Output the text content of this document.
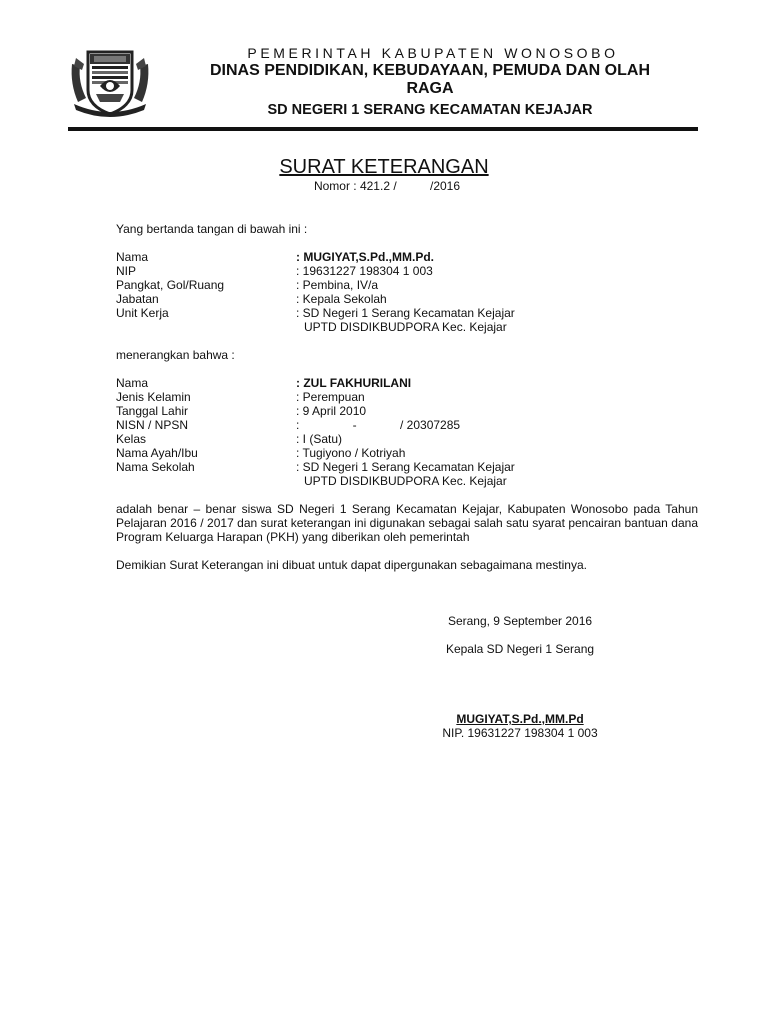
PEMERINTAH KABUPATEN WONOSOBO
DINAS PENDIDIKAN, KEBUDAYAAN, PEMUDA DAN OLAH
RAGA
SD NEGERI 1 SERANG KECAMATAN KEJAJAR
SURAT KETERANGAN
Nomor : 421.2 /          /2016
Yang bertanda tangan di bawah ini :
Nama	: MUGIYAT,S.Pd.,MM.Pd.
NIP	: 19631227 198304 1 003
Pangkat, Gol/Ruang	: Pembina, IV/a
Jabatan	: Kepala Sekolah
Unit Kerja	: SD Negeri 1 Serang Kecamatan Kejajar
UPTD DISDIKBUDPORA Kec. Kejajar
menerangkan bahwa :
Nama	: ZUL FAKHURILANI
Jenis Kelamin	: Perempuan
Tanggal Lahir	: 9 April 2010
NISN / NPSN	:                -             / 20307285
Kelas	: I (Satu)
Nama Ayah/Ibu	: Tugiyono / Kotriyah
Nama Sekolah	: SD Negeri 1 Serang Kecamatan Kejajar
UPTD DISDIKBUDPORA Kec. Kejajar
adalah benar – benar siswa SD Negeri 1 Serang Kecamatan Kejajar, Kabupaten Wonosobo pada Tahun Pelajaran 2016 / 2017 dan surat keterangan ini digunakan sebagai salah satu syarat pencairan bantuan dana Program Keluarga Harapan (PKH) yang diberikan oleh pemerintah
Demikian Surat Keterangan ini dibuat untuk dapat dipergunakan sebagaimana mestinya.
Serang, 9 September 2016
Kepala SD Negeri 1 Serang
MUGIYAT,S.Pd.,MM.Pd
NIP. 19631227 198304 1 003
